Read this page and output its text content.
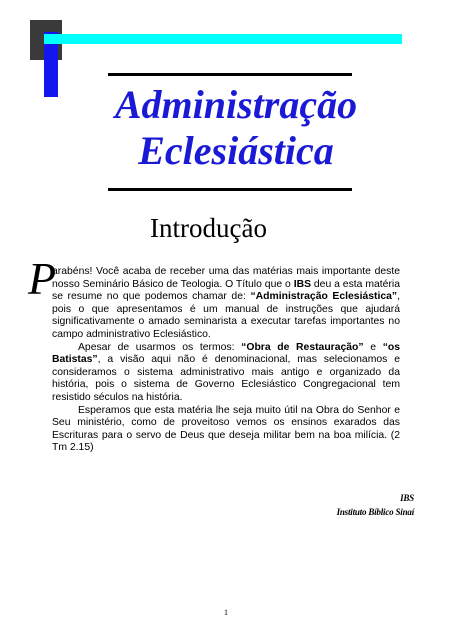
Administração
Eclesiástica
Introdução
P

arabéns! Você acaba de receber uma das matérias mais importante deste nosso Seminário Básico de Teologia. O Título que o IBS deu a esta matéria se resume no que podemos chamar de: “Administração Eclesiástica”, pois o que apresentamos é um manual de instruções que ajudará significativamente o amado seminarista a executar tarefas importantes no campo administrativo Eclesiástico.

Apesar de usarmos os termos: “Obra de Restauração” e “os Batistas”, a visão aqui não é denominacional, mas selecionamos e consideramos o sistema administrativo mais antigo e organizado da história, pois o sistema de Governo Eclesiástico Congregacional tem resistido séculos na história.

Esperamos que esta matéria lhe seja muito útil na Obra do Senhor e Seu ministério, como de proveitoso vemos os ensinos exarados das Escrituras para o servo de Deus que deseja militar bem na boa milícia. (2 Tm 2.15)

IBS
Instituto Bíblico Sinaí
1
